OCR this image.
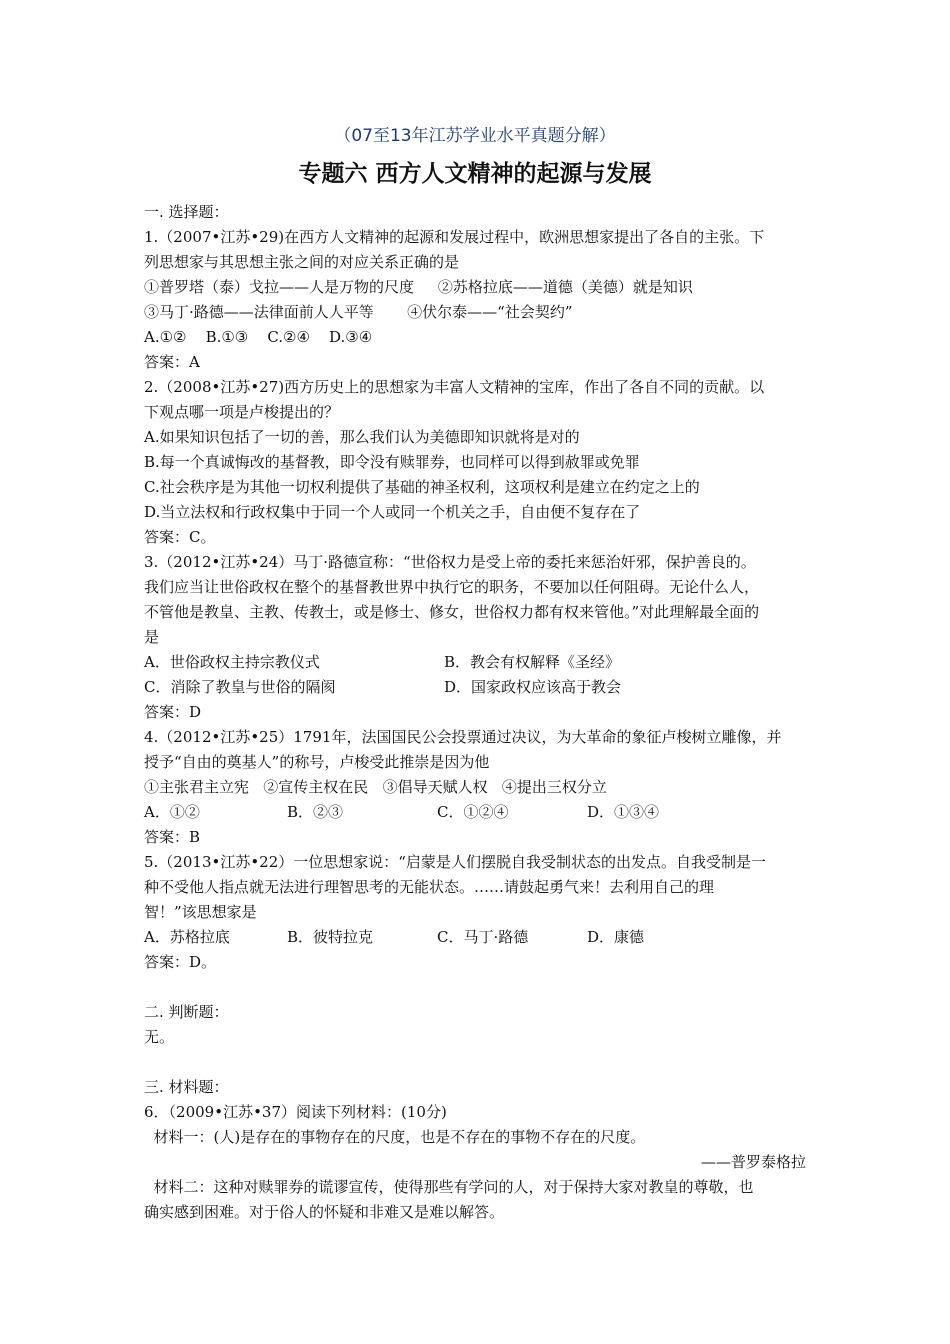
（07至13年江苏学业水平真题分解）
专题六 西方人文精神的起源与发展
一. 选择题：
1.（2007•江苏•29)在西方人文精神的起源和发展过程中，欧洲思想家提出了各自的主张。下
列思想家与其思想主张之间的对应关系正确的是
①普罗塔（泰）戈拉——人是万物的尺度     ②苏格拉底——道德（美德）就是知识
③马丁·路德——法律面前人人平等       ④伏尔泰——“社会契约”
A.①②    B.①③    C.②④    D.③④
答案：A
2.（2008•江苏•27)西方历史上的思想家为丰富人文精神的宝库，作出了各自不同的贡献。以
下观点哪一项是卢梭提出的？
A.如果知识包括了一切的善，那么我们认为美德即知识就将是对的
B.每一个真诚悔改的基督教，即令没有赎罪券，也同样可以得到赦罪或免罪
C.社会秩序是为其他一切权利提供了基础的神圣权利，这项权利是建立在约定之上的
D.当立法权和行政权集中于同一个人或同一个机关之手，自由便不复存在了
答案：C。
3.（2012•江苏•24）马丁·路德宣称：“世俗权力是受上帝的委托来惩治奸邪，保护善良的。
我们应当让世俗政权在整个的基督教世界中执行它的职务，不要加以任何阻碍。无论什么人，
不管他是教皇、主教、传教士，或是修士、修女，世俗权力都有权来管他。”对此理解最全面的
是

A．世俗政权主持宗教仪式

	B．教会有权解释《圣经》

C．消除了教皇与世俗的隔阂

	D．国家政权应该高于教会

答案：D
4.（2012•江苏•25）1791年，法国国民公会投票通过决议，为大革命的象征卢梭树立雕像，并
授予“自由的奠基人”的称号，卢梭受此推崇是因为他
①主张君主立宪   ②宣传主权在民   ③倡导天赋人权   ④提出三权分立

A．①②

	B．②③

	C．①②④

	D．①③④

答案：B
5.（2013•江苏•22）一位思想家说：“启蒙是人们摆脱自我受制状态的出发点。自我受制是一
种不受他人指点就无法进行理智思考的无能状态。……请鼓起勇气来！去利用自己的理
智！”该思想家是

A．苏格拉底

	B．彼特拉克

	C．马丁·路德

	D．康德

答案：D。
二. 判断题：
无。
三. 材料题：
6．（2009•江苏•37）阅读下列材料：(10分)
材料一：(人)是存在的事物存在的尺度，也是不存在的事物不存在的尺度。
——普罗泰格拉
材料二：这种对赎罪券的谎谬宣传，使得那些有学问的人，对于保持大家对教皇的尊敬，也
确实感到困难。对于俗人的怀疑和非难又是难以解答。
